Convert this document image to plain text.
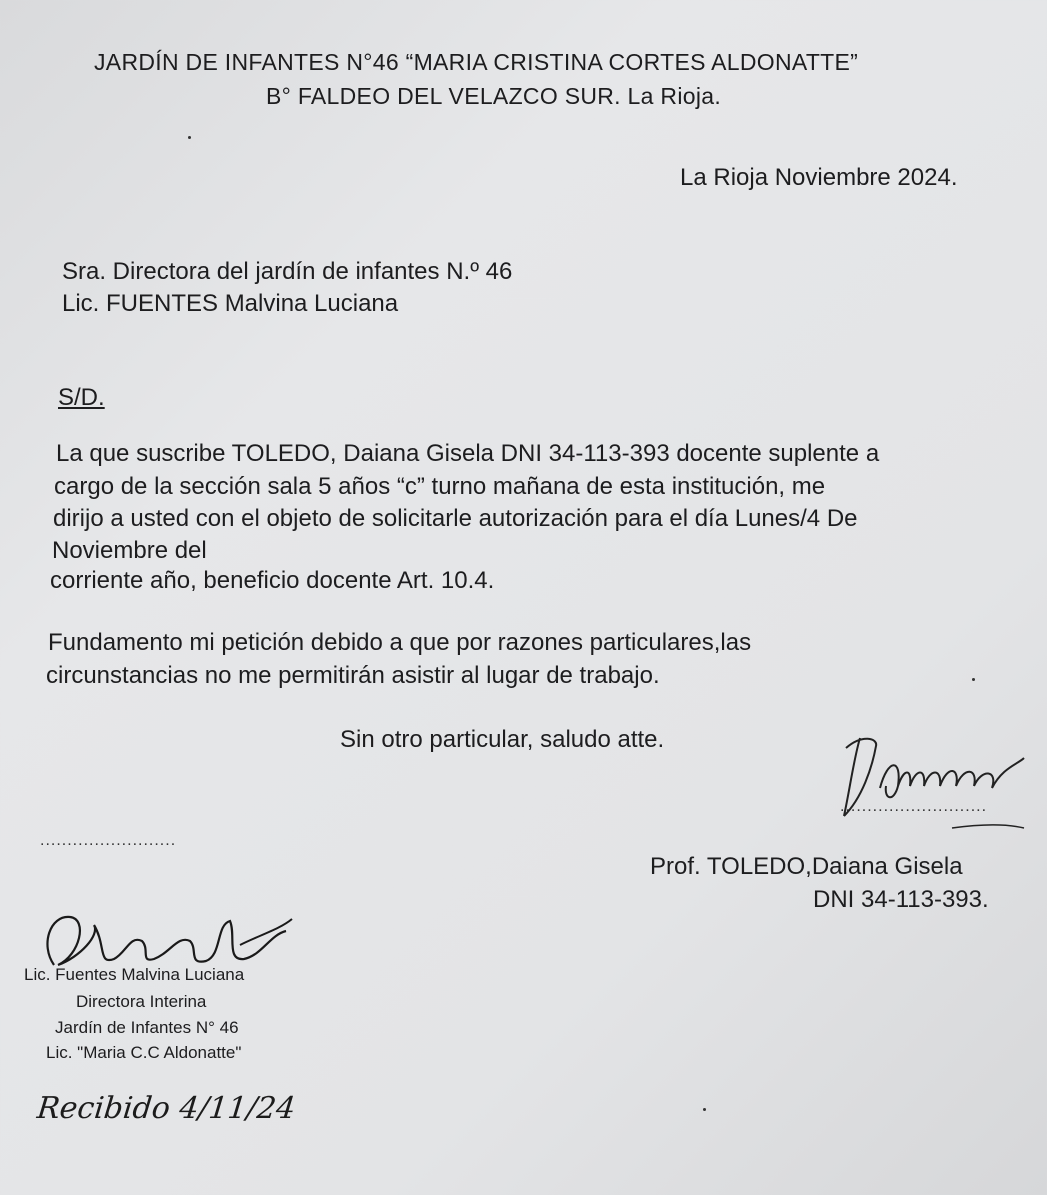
JARDÍN DE INFANTES N°46 “MARIA CRISTINA CORTES ALDONATTE”
B° FALDEO DEL VELAZCO SUR. La Rioja.
La Rioja Noviembre 2024.
Sra. Directora del jardín de infantes N.º 46
Lic. FUENTES Malvina Luciana
S/D.
La que suscribe TOLEDO, Daiana Gisela DNI 34-113-393 docente suplente a
cargo de la sección sala 5 años “c” turno mañana de esta institución, me
dirijo a usted con el objeto de solicitarle autorización para el día Lunes/4 De
Noviembre del
corriente año, beneficio docente Art. 10.4.
Fundamento mi petición debido a que por razones particulares,las
circunstancias no me permitirán asistir al lugar de trabajo.
Sin otro particular, saludo atte.
.........................
...........................
Prof. TOLEDO,Daiana Gisela
DNI 34-113-393.
Lic. Fuentes Malvina Luciana
Directora Interina
Jardín de Infantes N° 46
Lic. "Maria C.C Aldonatte"
Recibido 4/11/24
